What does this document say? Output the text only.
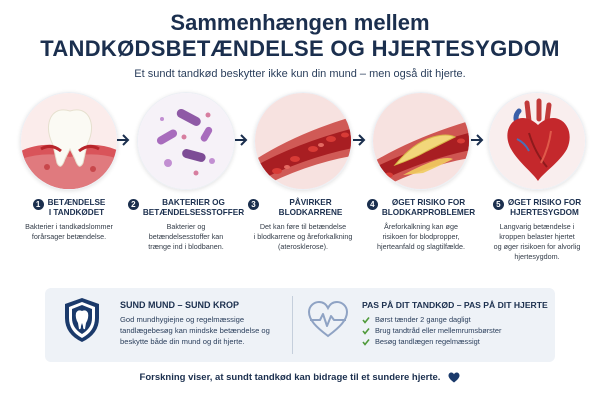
Sammenhængen mellem
TANDKØDSBETÆNDELSE OG HJERTESYGDOM
Et sundt tandkød beskytter ikke kun din mund – men også dit hjerte.
1 BETÆNDELSE
I TANDKØDET
Bakterier i tandkødslommer
forårsager betændelse.
2	BAKTERIER OG
BETÆNDELSESSTOFFER
Bakterier og
betændelsesstoffer kan
trænge ind i blodbanen.
3	PÅVIRKER BLODKARRENE
Det kan føre til betændelse
i blodkarrene og åreforkalkning
(aterosklerose).
4	ØGET RISIKO FOR
BLODKARPROBLEMER
Åreforkalkning kan øge
risikoen for blodpropper,
hjerteanfald og slagtilfælde.
5 ØGET RISIKO FOR
HJERTESYGDOM
Langvarig betændelse i
kroppen belaster hjertet
og øger risikoen for alvorlig
hjertesygdom.
SUND MUND – SUND KROP
God mundhygiejne og regelmæssige tandlægebesøg kan mindske betændelse og beskytte både din mund og dit hjerte.
PAS PÅ DIT TANDKØD – PAS PÅ DIT HJERTE
Børst tænder 2 gange dagligt
Brug tandtråd eller mellemrumsbørster
Besøg tandlægen regelmæssigt
Forskning viser, at sundt tandkød kan bidrage til et sundere hjerte.
